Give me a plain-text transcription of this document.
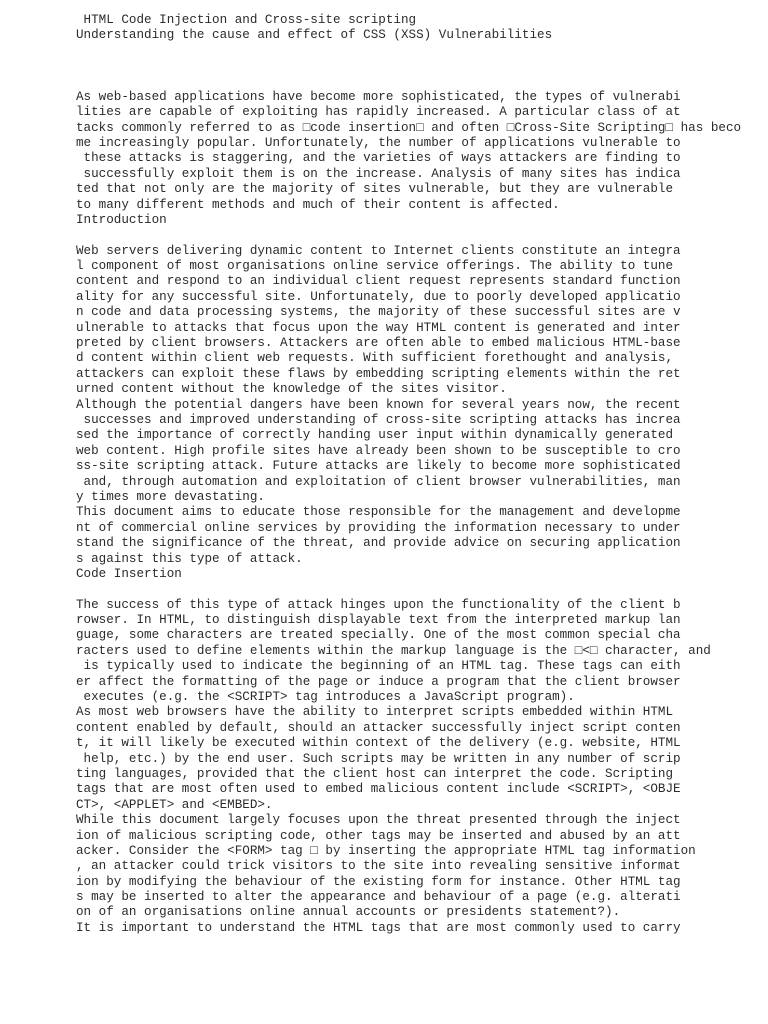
HTML Code Injection and Cross-site scripting
Understanding the cause and effect of CSS (XSS) Vulnerabilities
As web-based applications have become more sophisticated, the types of vulnerabi
lities are capable of exploiting has rapidly increased. A particular class of at
tacks commonly referred to as □code insertion□ and often □Cross-Site Scripting□ has beco
me increasingly popular. Unfortunately, the number of applications vulnerable to
these attacks is staggering, and the varieties of ways attackers are finding to
successfully exploit them is on the increase. Analysis of many sites has indica
ted that not only are the majority of sites vulnerable, but they are vulnerable
to many different methods and much of their content is affected.
Introduction
Web servers delivering dynamic content to Internet clients constitute an integra
l component of most organisations online service offerings. The ability to tune
content and respond to an individual client request represents standard function
ality for any successful site. Unfortunately, due to poorly developed applicatio
n code and data processing systems, the majority of these successful sites are v
ulnerable to attacks that focus upon the way HTML content is generated and inter
preted by client browsers. Attackers are often able to embed malicious HTML-base
d content within client web requests. With sufficient forethought and analysis,
attackers can exploit these flaws by embedding scripting elements within the ret
urned content without the knowledge of the sites visitor.
Although the potential dangers have been known for several years now, the recent
successes and improved understanding of cross-site scripting attacks has increa
sed the importance of correctly handing user input within dynamically generated
web content. High profile sites have already been shown to be susceptible to cro
ss-site scripting attack. Future attacks are likely to become more sophisticated
and, through automation and exploitation of client browser vulnerabilities, man
y times more devastating.
This document aims to educate those responsible for the management and developme
nt of commercial online services by providing the information necessary to under
stand the significance of the threat, and provide advice on securing application
s against this type of attack.
Code Insertion
The success of this type of attack hinges upon the functionality of the client b
rowser. In HTML, to distinguish displayable text from the interpreted markup lan
guage, some characters are treated specially. One of the most common special cha
racters used to define elements within the markup language is the □<□ character, and
is typically used to indicate the beginning of an HTML tag. These tags can eith
er affect the formatting of the page or induce a program that the client browser
executes (e.g. the <SCRIPT> tag introduces a JavaScript program).
As most web browsers have the ability to interpret scripts embedded within HTML
content enabled by default, should an attacker successfully inject script conten
t, it will likely be executed within context of the delivery (e.g. website, HTML
help, etc.) by the end user. Such scripts may be written in any number of scrip
ting languages, provided that the client host can interpret the code. Scripting
tags that are most often used to embed malicious content include <SCRIPT>, <OBJE
CT>, <APPLET> and <EMBED>.
While this document largely focuses upon the threat presented through the inject
ion of malicious scripting code, other tags may be inserted and abused by an att
acker. Consider the <FORM> tag □ by inserting the appropriate HTML tag information
, an attacker could trick visitors to the site into revealing sensitive informat
ion by modifying the behaviour of the existing form for instance. Other HTML tag
s may be inserted to alter the appearance and behaviour of a page (e.g. alterati
on of an organisations online annual accounts or presidents statement?).
It is important to understand the HTML tags that are most commonly used to carry
